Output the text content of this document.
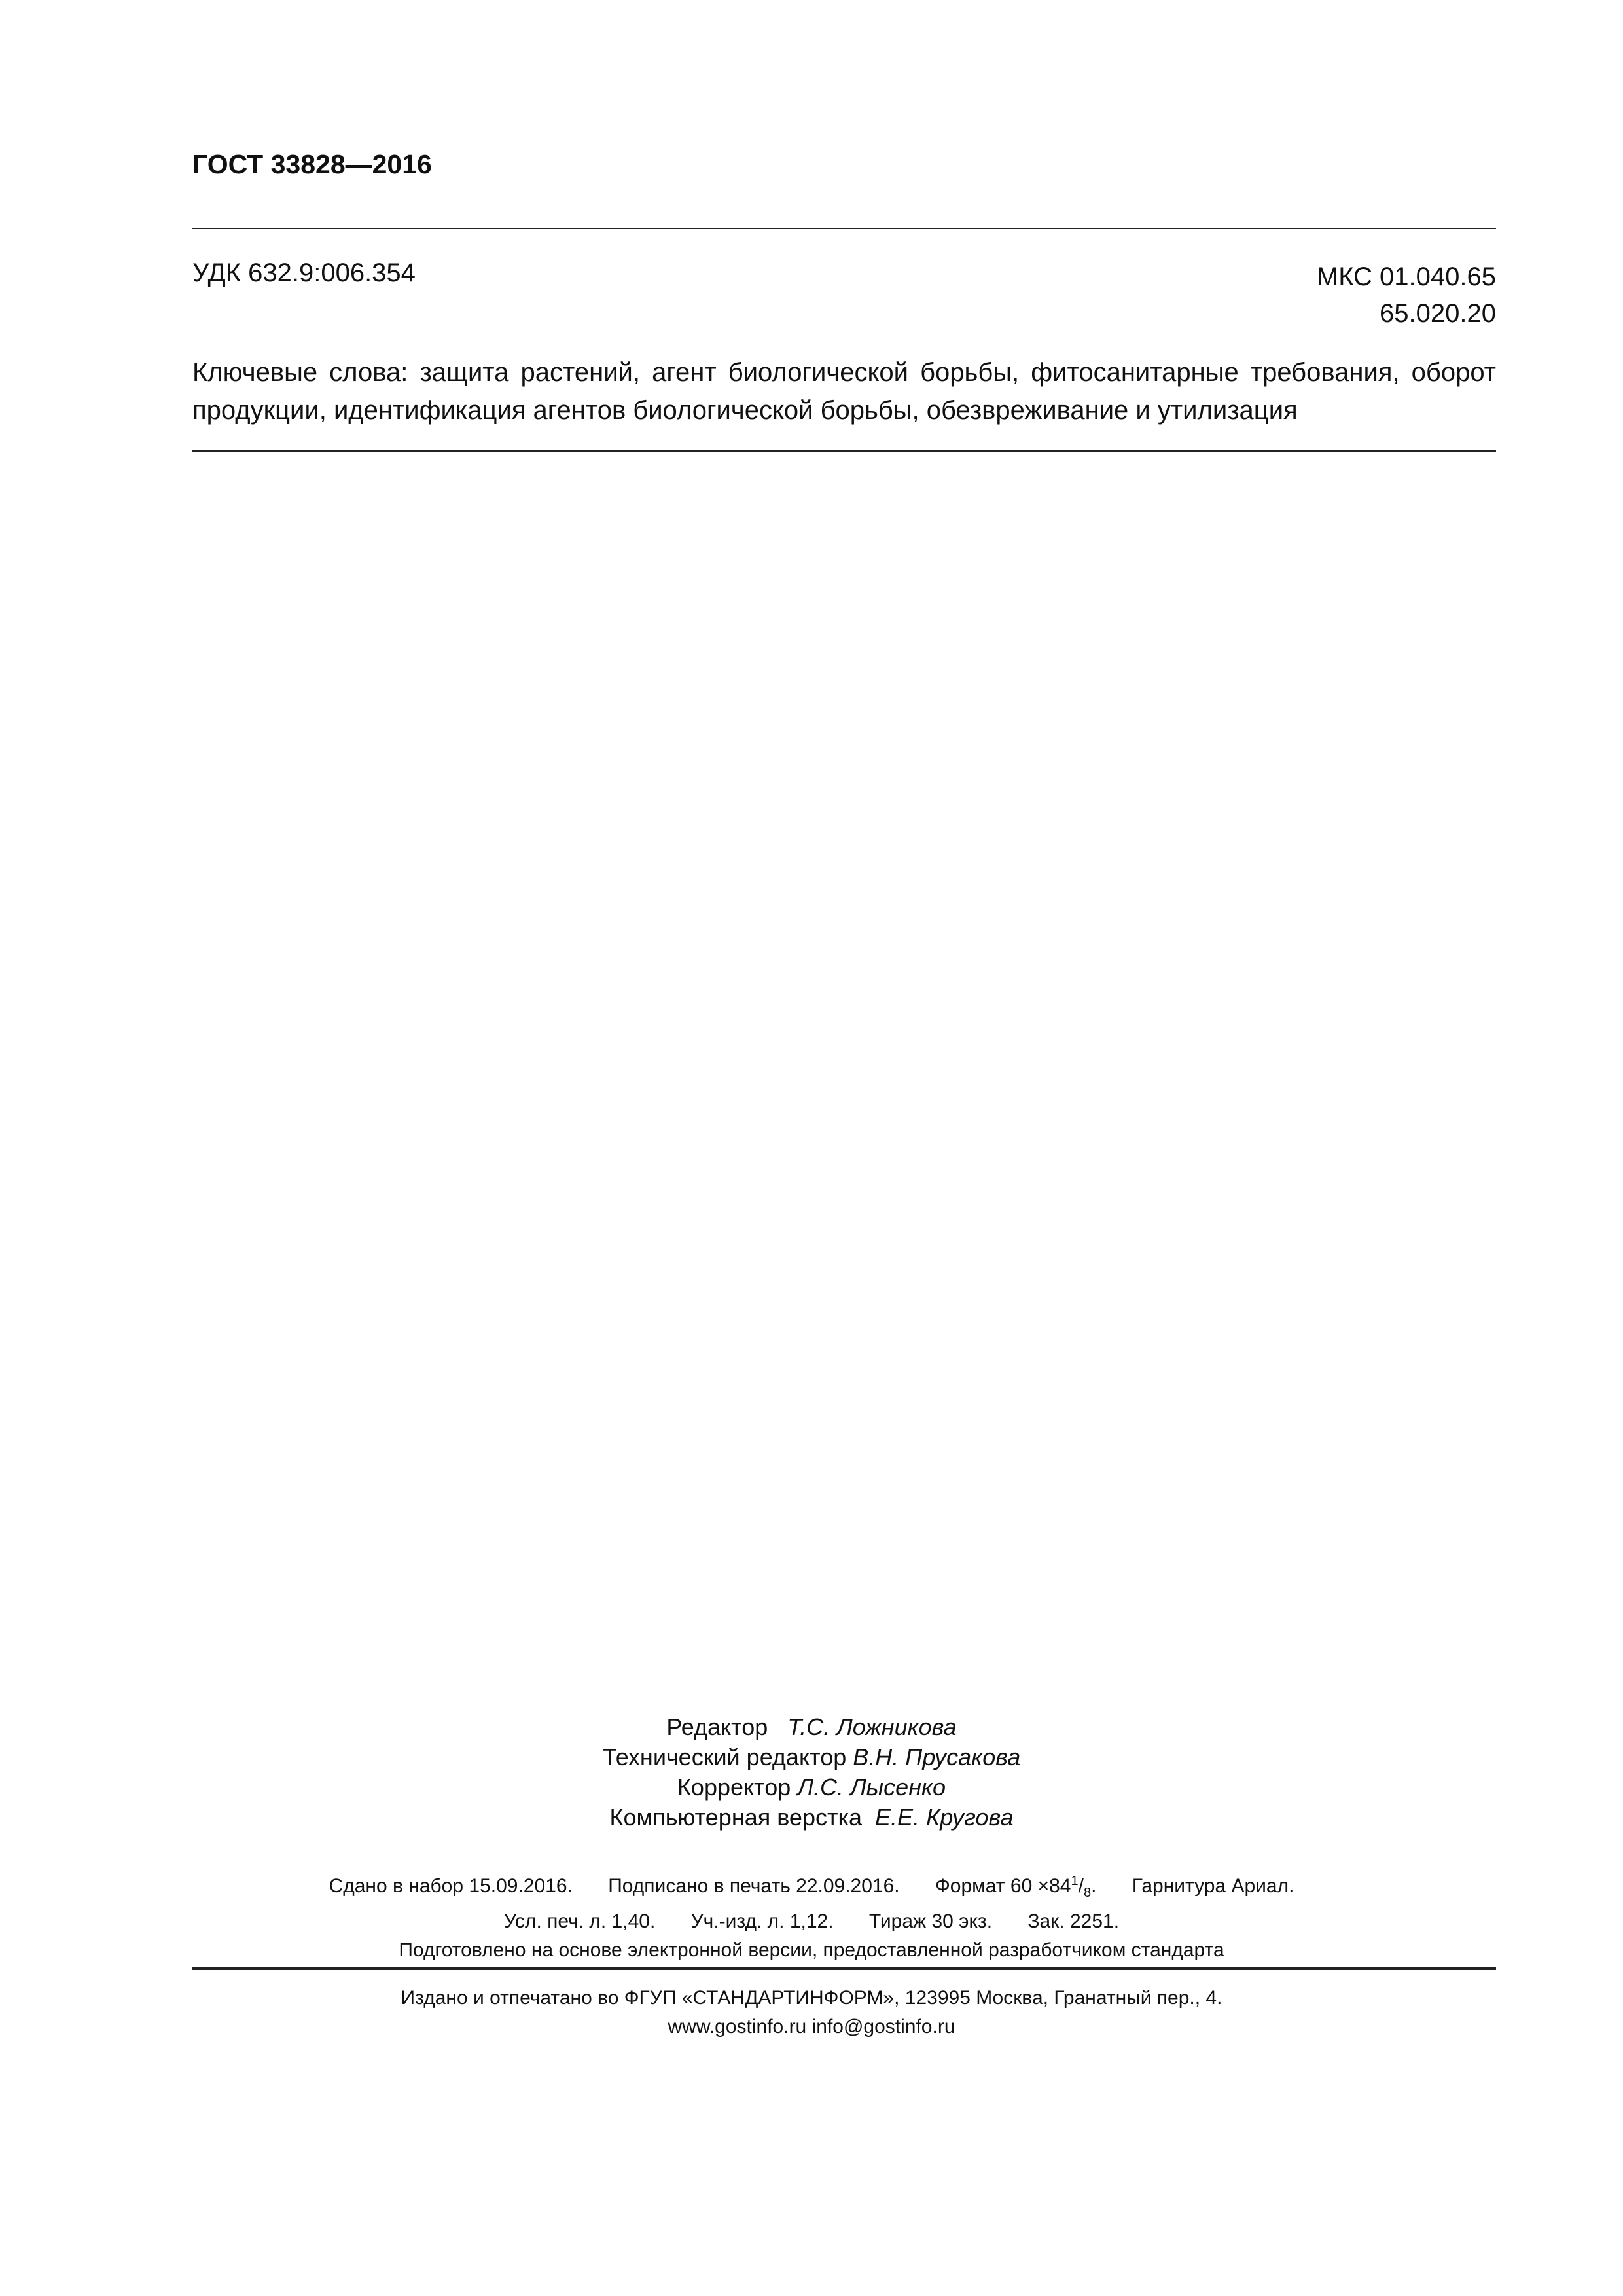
ГОСТ 33828—2016
УДК 632.9:006.354	МКС 01.040.65
65.020.20
Ключевые слова: защита растений, агент биологической борьбы, фитосанитарные требования, оборот продукции, идентификация агентов биологической борьбы, обезвреживание и утилизация
Редактор Т.С. Ложникова
Технический редактор В.Н. Прусакова
Корректор Л.С. Лысенко
Компьютерная верстка Е.Е. Кругова
Сдано в набор 15.09.2016. Подписано в печать 22.09.2016. Формат $60 \times 84^1/_8$. Гарнитура Ариал.
Усл. печ. л. 1,40. Уч.-изд. л. 1,12. Тираж 30 экз. Зак. 2251.
Подготовлено на основе электронной версии, предоставленной разработчиком стандарта
Издано и отпечатано во ФГУП «СТАНДАРТИНФОРМ», 123995 Москва, Гранатный пер., 4.
www.gostinfo.ru info@gostinfo.ru
